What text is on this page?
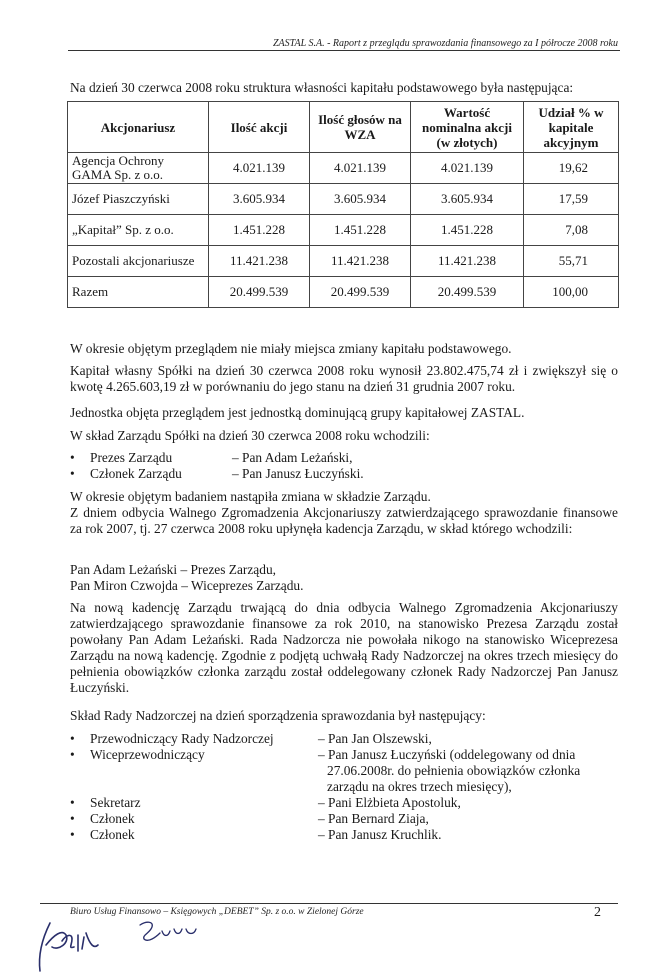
ZASTAL S.A. - Raport z przeglądu sprawozdania finansowego za I półrocze 2008 roku

Na dzień 30 czerwca 2008 roku struktura własności kapitału podstawowego była następująca:

Akcjonariusz	Ilość akcji	Ilość głosów na WZA	Wartość nominalna akcji (w złotych)	Udział % w kapitale akcyjnym
Agencja Ochrony GAMA Sp. z o.o.	4.021.139	4.021.139	4.021.139	19,62
Józef Piaszczyński	3.605.934	3.605.934	3.605.934	17,59
„Kapitał” Sp. z o.o.	1.451.228	1.451.228	1.451.228	7,08
Pozostali akcjonariusze	11.421.238	11.421.238	11.421.238	55,71
Razem	20.499.539	20.499.539	20.499.539	100,00

W okresie objętym przeglądem nie miały miejsca zmiany kapitału podstawowego.

Kapitał własny Spółki na dzień 30 czerwca 2008 roku wynosił 23.802.475,74 zł i zwiększył się o kwotę 4.265.603,19 zł w porównaniu do jego stanu na dzień 31 grudnia 2007 roku.

Jednostka objęta przeglądem jest jednostką dominującą grupy kapitałowej ZASTAL.

W skład Zarządu Spółki na dzień 30 czerwca 2008 roku wchodzili:

• Prezes Zarządu	– Pan Adam Leżański,
• Członek Zarządu	– Pan Janusz Łuczyński.

W okresie objętym badaniem nastąpiła zmiana w składzie Zarządu.

Z dniem odbycia Walnego Zgromadzenia Akcjonariuszy zatwierdzającego sprawozdanie finansowe za rok 2007, tj. 27 czerwca 2008 roku upłynęła kadencja Zarządu, w skład którego wchodzili:

Pan Adam Leżański – Prezes Zarządu,

Pan Miron Czwojda – Wiceprezes Zarządu.

Na nową kadencję Zarządu trwającą do dnia odbycia Walnego Zgromadzenia Akcjonariuszy zatwierdzającego sprawozdanie finansowe za rok 2010, na stanowisko Prezesa Zarządu został powołany Pan Adam Leżański. Rada Nadzorcza nie powołała nikogo na stanowisko Wiceprezesa Zarządu na nową kadencję. Zgodnie z podjętą uchwałą Rady Nadzorczej na okres trzech miesięcy do pełnienia obowiązków członka zarządu został oddelegowany członek Rady Nadzorczej Pan Janusz Łuczyński.

Skład Rady Nadzorczej na dzień sporządzenia sprawozdania był następujący:

• Przewodniczący Rady Nadzorczej	– Pan Jan Olszewski,
• Wiceprzewodniczący	– Pan Janusz Łuczyński (oddelegowany od dnia
27.06.2008r. do pełnienia obowiązków członka
zarządu na okres trzech miesięcy),
• Sekretarz	– Pani Elżbieta Apostoluk,
• Członek	– Pan Bernard Ziaja,
• Członek	– Pan Janusz Kruchlik.
Biuro Usług Finansowo – Księgowych „DEBET” Sp. z o.o. w Zielonej Górze	2
